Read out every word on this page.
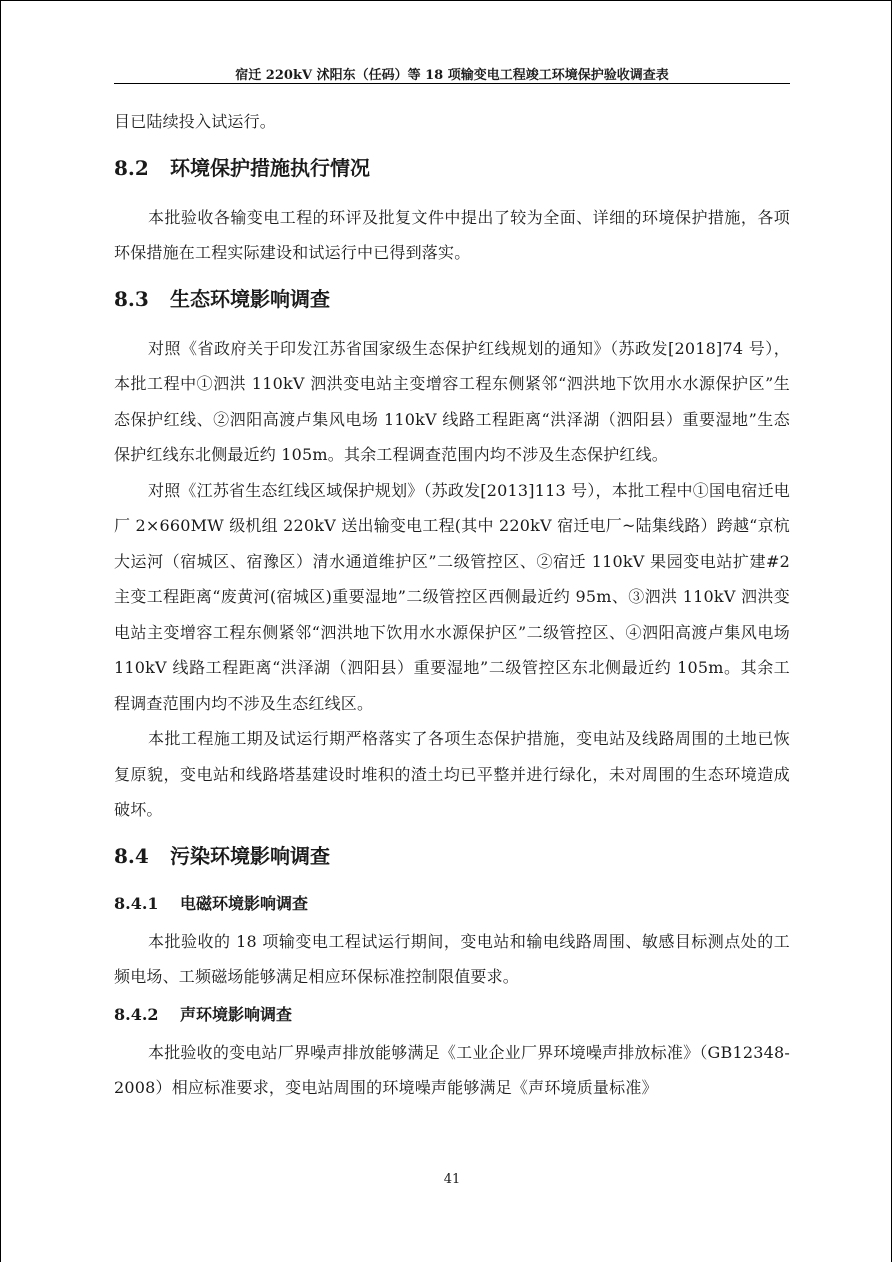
宿迁 220kV 沭阳东（任码）等 18 项输变电工程竣工环境保护验收调查表

目已陆续投入试运行。

8.2	环境保护措施执行情况

本批验收各输变电工程的环评及批复文件中提出了较为全面、详细的环境保护措施，各项环保措施在工程实际建设和试运行中已得到落实。

8.3	生态环境影响调查

对照《省政府关于印发江苏省国家级生态保护红线规划的通知》（苏政发[2018]74 号），本批工程中①泗洪 110kV 泗洪变电站主变增容工程东侧紧邻“泗洪地下饮用水水源保护区”生态保护红线、②泗阳高渡卢集风电场 110kV 线路工程距离“洪泽湖（泗阳县）重要湿地”生态保护红线东北侧最近约 105m。其余工程调查范围内均不涉及生态保护红线。

对照《江苏省生态红线区域保护规划》（苏政发[2013]113 号），本批工程中①国电宿迁电厂 2×660MW 级机组 220kV 送出输变电工程(其中 220kV 宿迁电厂~陆集线路）跨越“京杭大运河（宿城区、宿豫区）清水通道维护区”二级管控区、②宿迁 110kV 果园变电站扩建#2 主变工程距离“废黄河(宿城区)重要湿地”二级管控区西侧最近约 95m、③泗洪 110kV 泗洪变电站主变增容工程东侧紧邻“泗洪地下饮用水水源保护区”二级管控区、④泗阳高渡卢集风电场 110kV 线路工程距离“洪泽湖（泗阳县）重要湿地”二级管控区东北侧最近约 105m。其余工程调查范围内均不涉及生态红线区。

本批工程施工期及试运行期严格落实了各项生态保护措施，变电站及线路周围的土地已恢复原貌，变电站和线路塔基建设时堆积的渣土均已平整并进行绿化，未对周围的生态环境造成破坏。

8.4	污染环境影响调查
8.4.1	电磁环境影响调查

本批验收的 18 项输变电工程试运行期间，变电站和输电线路周围、敏感目标测点处的工频电场、工频磁场能够满足相应环保标准控制限值要求。

8.4.2	声环境影响调查

本批验收的变电站厂界噪声排放能够满足《工业企业厂界环境噪声排放标准》（GB12348-2008）相应标准要求，变电站周围的环境噪声能够满足《声环境质量标准》

41
